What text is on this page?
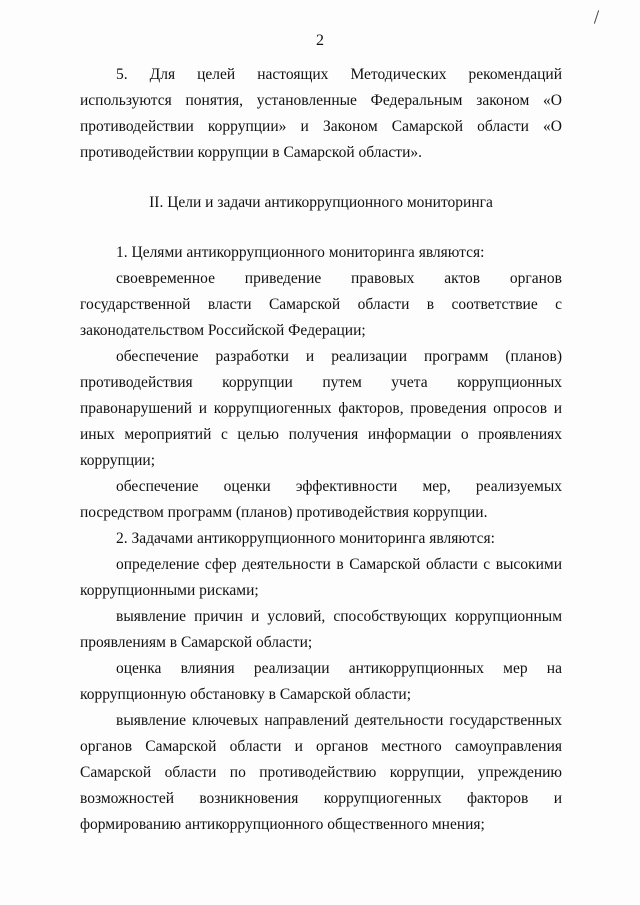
2

5. Для целей настоящих Методических рекомендаций используются понятия, установленные Федеральным законом «О противодействии коррупции» и Законом Самарской области «О противодействии коррупции в Самарской области».

II. Цели и задачи антикоррупционного мониторинга

1. Целями антикоррупционного мониторинга являются:

своевременное приведение правовых актов органов государственной власти Самарской области в соответствие с законодательством Российской Федерации;

обеспечение разработки и реализации программ (планов) противодействия коррупции путем учета коррупционных правонарушений и коррупциогенных факторов, проведения опросов и иных мероприятий с целью получения информации о проявлениях коррупции;

обеспечение оценки эффективности мер, реализуемых посредством программ (планов) противодействия коррупции.

2. Задачами антикоррупционного мониторинга являются:

определение сфер деятельности в Самарской области с высокими коррупционными рисками;

выявление причин и условий, способствующих коррупционным проявлениям в Самарской области;

оценка влияния реализации антикоррупционных мер на коррупционную обстановку в Самарской области;

выявление ключевых направлений деятельности государственных органов Самарской области и органов местного самоуправления Самарской области по противодействию коррупции, упреждению возможностей возникновения коррупциогенных факторов и формированию антикоррупционного общественного мнения;
